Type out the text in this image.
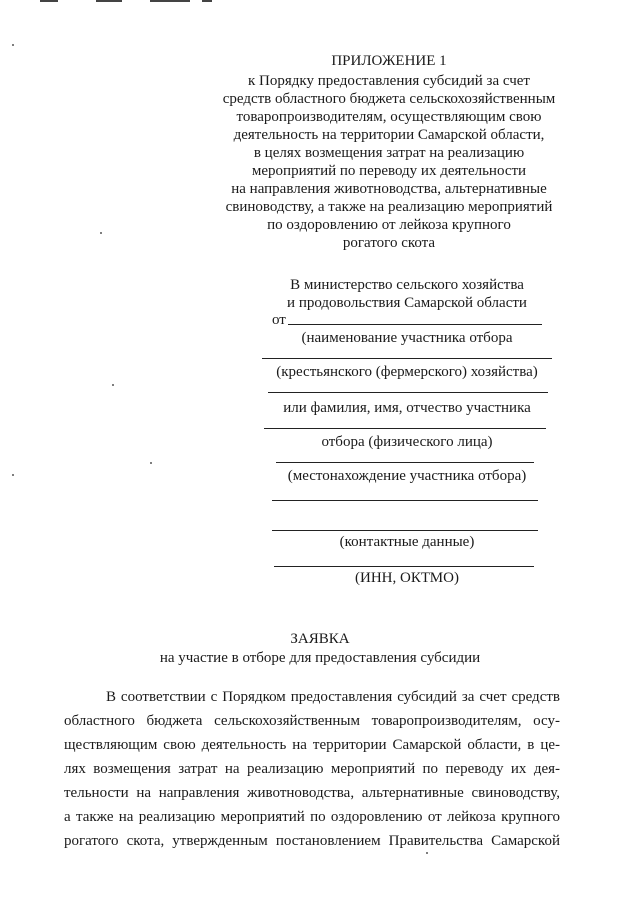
ПРИЛОЖЕНИЕ 1
к Порядку предоставления субсидий за счет
средств областного бюджета сельскохозяйственным
товаропроизводителям, осуществляющим свою
деятельность на территории Самарской области,
в целях возмещения затрат на реализацию
мероприятий по переводу их деятельности
на направления животноводства, альтернативные
свиноводству, а также на реализацию мероприятий
по оздоровлению от лейкоза крупного
рогатого скота
В министерство сельского хозяйства
и продовольствия Самарской области
от
(наименование участника отбора
(крестьянского (фермерского) хозяйства)
или фамилия, имя, отчество участника
отбора (физического лица)
(местонахождение участника отбора)
(контактные данные)
(ИНН, ОКТМО)
ЗАЯВКА
на участие в отборе для предоставления субсидии
В соответствии с Порядком предоставления субсидий за счет средств
областного бюджета сельскохозяйственным товаропроизводителям, осу-
ществляющим свою деятельность на территории Самарской области, в це-
лях возмещения затрат на реализацию мероприятий по переводу их дея-
тельности на направления животноводства, альтернативные свиноводству,
а также на реализацию мероприятий по оздоровлению от лейкоза крупного
рогатого скота, утвержденным постановлением Правительства Самарской
